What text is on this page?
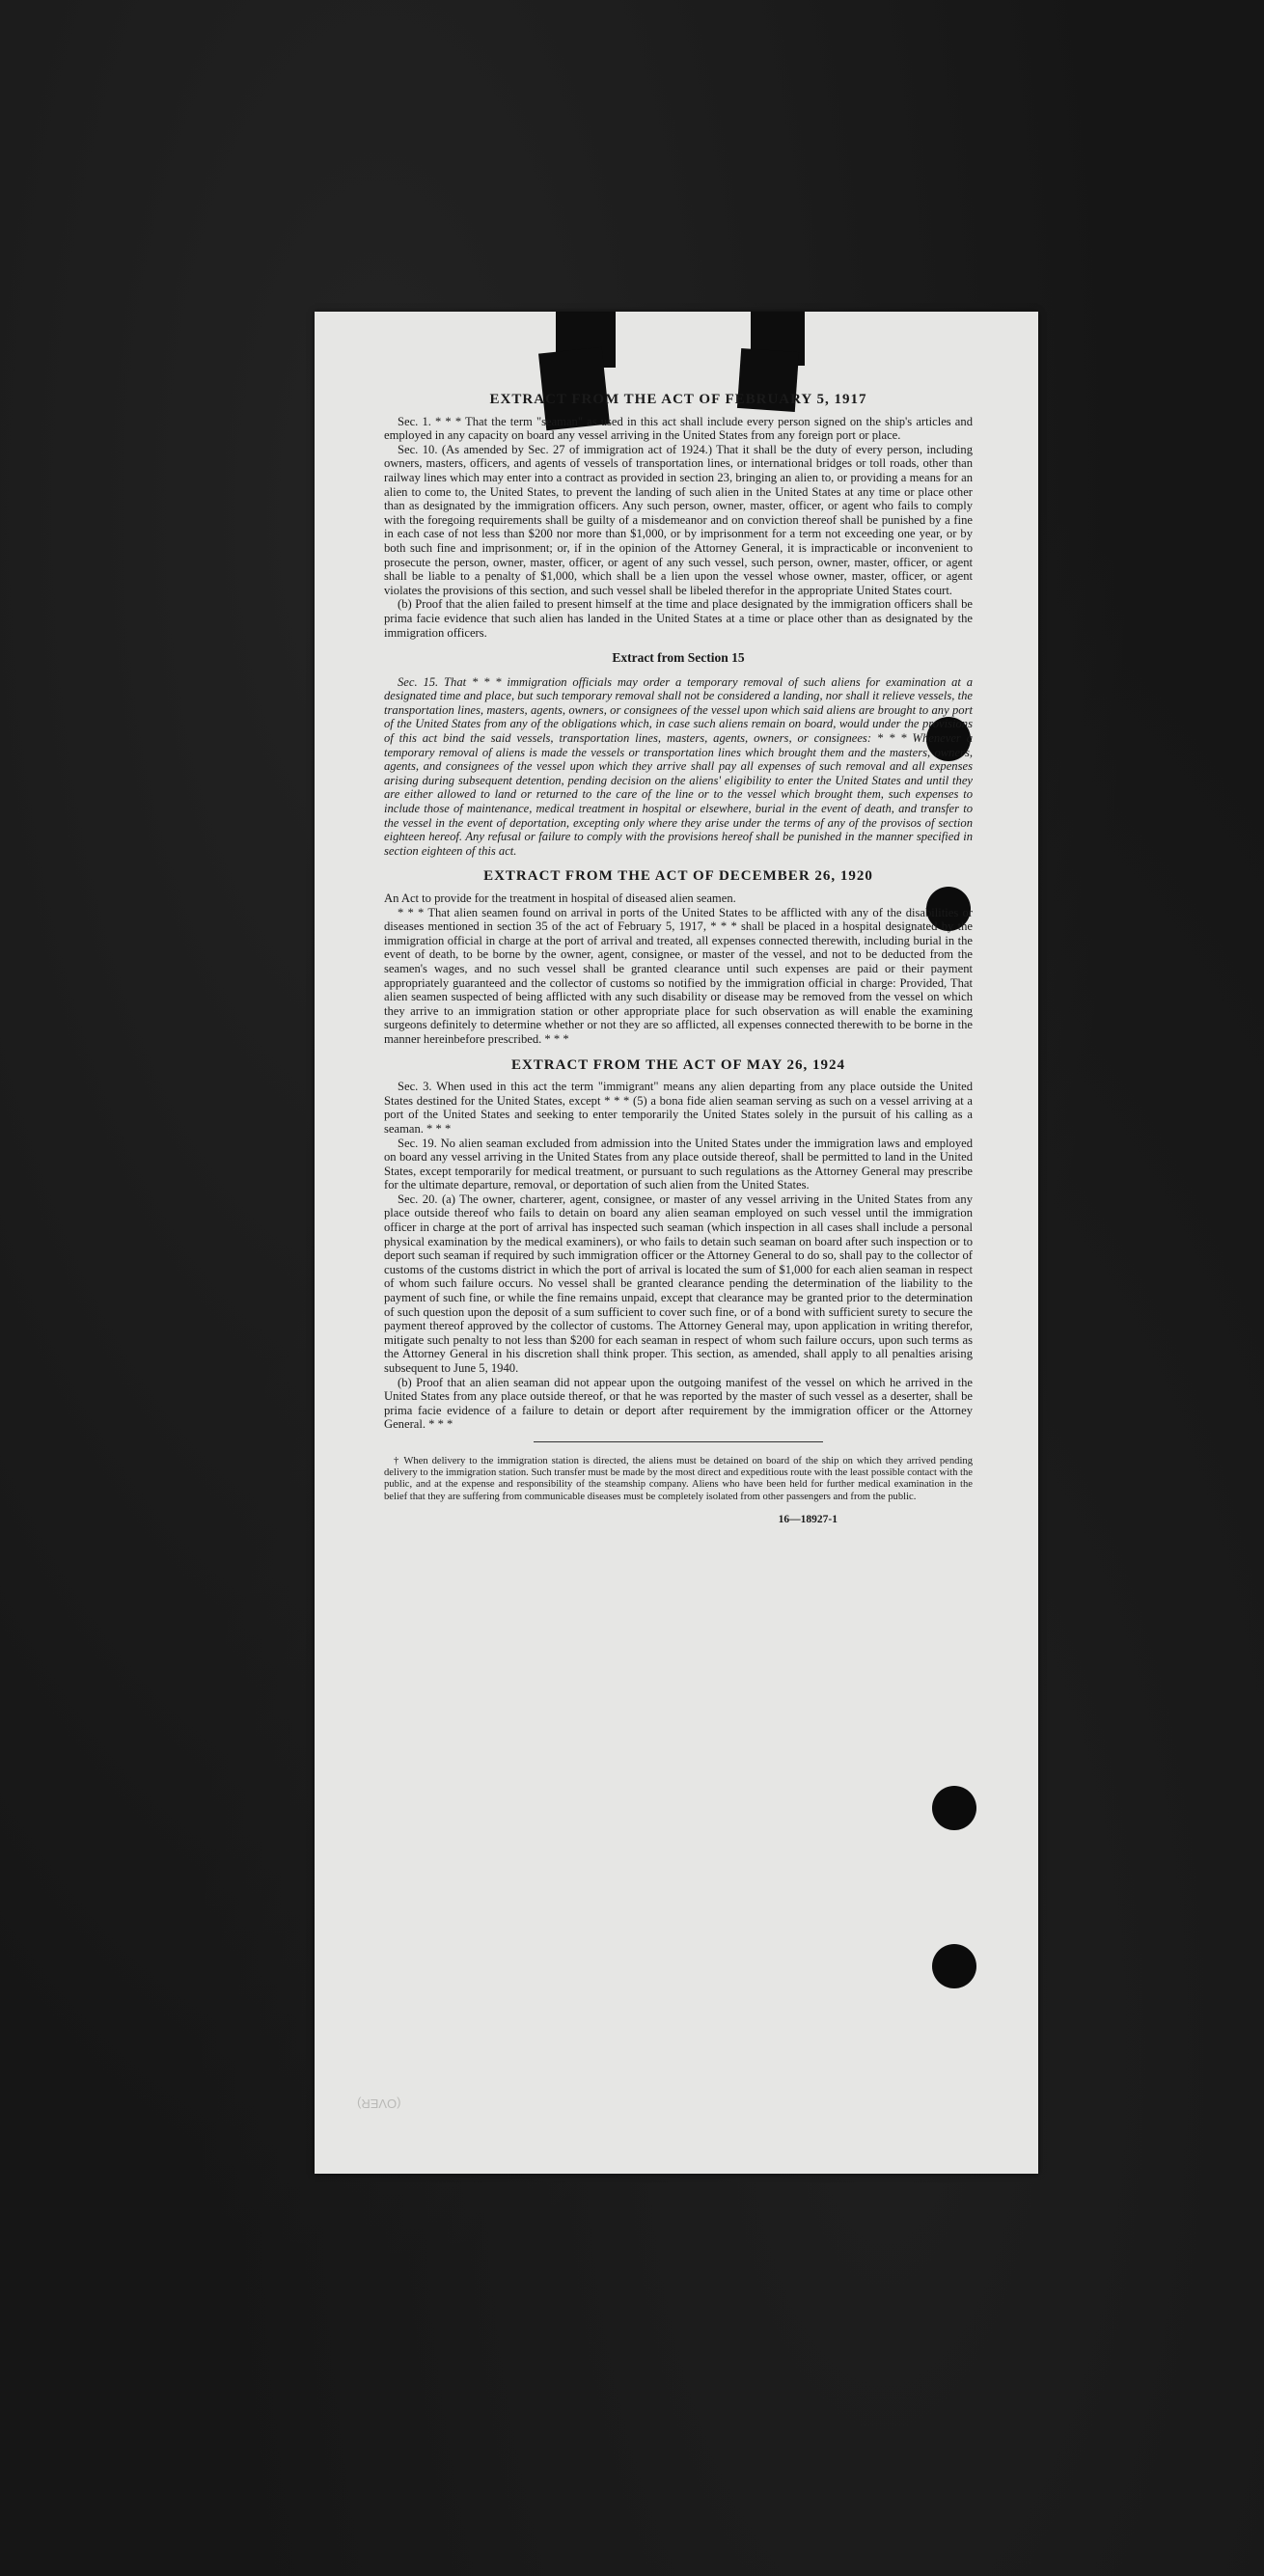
EXTRACT FROM THE ACT OF FEBRUARY 5, 1917

Sec. 1. * * * That the term "seaman" as used in this act shall include every person signed on the ship's articles and employed in any capacity on board any vessel arriving in the United States from any foreign port or place.

Sec. 10. (As amended by Sec. 27 of immigration act of 1924.) That it shall be the duty of every person, including owners, masters, officers, and agents of vessels of transportation lines, or international bridges or toll roads, other than railway lines which may enter into a contract as provided in section 23, bringing an alien to, or providing a means for an alien to come to, the United States, to prevent the landing of such alien in the United States at any time or place other than as designated by the immigration officers. Any such person, owner, master, officer, or agent who fails to comply with the foregoing requirements shall be guilty of a misdemeanor and on conviction thereof shall be punished by a fine in each case of not less than $200 nor more than $1,000, or by imprisonment for a term not exceeding one year, or by both such fine and imprisonment; or, if in the opinion of the Attorney General, it is impracticable or inconvenient to prosecute the person, owner, master, officer, or agent of any such vessel, such person, owner, master, officer, or agent shall be liable to a penalty of $1,000, which shall be a lien upon the vessel whose owner, master, officer, or agent violates the provisions of this section, and such vessel shall be libeled therefor in the appropriate United States court.

(b) Proof that the alien failed to present himself at the time and place designated by the immigration officers shall be prima facie evidence that such alien has landed in the United States at a time or place other than as designated by the immigration officers.

Extract from Section 15

Sec. 15. That * * * immigration officials may order a temporary removal of such aliens for examination at a designated time and place, but such temporary removal shall not be considered a landing, nor shall it relieve vessels, the transportation lines, masters, agents, owners, or consignees of the vessel upon which said aliens are brought to any port of the United States from any of the obligations which, in case such aliens remain on board, would under the provisions of this act bind the said vessels, transportation lines, masters, agents, owners, or consignees: * * * Whenever a temporary removal of aliens is made the vessels or transportation lines which brought them and the masters, owners, agents, and consignees of the vessel upon which they arrive shall pay all expenses of such removal and all expenses arising during subsequent detention, pending decision on the aliens' eligibility to enter the United States and until they are either allowed to land or returned to the care of the line or to the vessel which brought them, such expenses to include those of maintenance, medical treatment in hospital or elsewhere, burial in the event of death, and transfer to the vessel in the event of deportation, excepting only where they arise under the terms of any of the provisos of section eighteen hereof. Any refusal or failure to comply with the provisions hereof shall be punished in the manner specified in section eighteen of this act.

EXTRACT FROM THE ACT OF DECEMBER 26, 1920

An Act to provide for the treatment in hospital of diseased alien seamen.

* * * That alien seamen found on arrival in ports of the United States to be afflicted with any of the disabilities or diseases mentioned in section 35 of the act of February 5, 1917, * * * shall be placed in a hospital designated by the immigration official in charge at the port of arrival and treated, all expenses connected therewith, including burial in the event of death, to be borne by the owner, agent, consignee, or master of the vessel, and not to be deducted from the seamen's wages, and no such vessel shall be granted clearance until such expenses are paid or their payment appropriately guaranteed and the collector of customs so notified by the immigration official in charge: Provided, That alien seamen suspected of being afflicted with any such disability or disease may be removed from the vessel on which they arrive to an immigration station or other appropriate place for such observation as will enable the examining surgeons definitely to determine whether or not they are so afflicted, all expenses connected therewith to be borne in the manner hereinbefore prescribed. * * *

EXTRACT FROM THE ACT OF MAY 26, 1924

Sec. 3. When used in this act the term "immigrant" means any alien departing from any place outside the United States destined for the United States, except * * * (5) a bona fide alien seaman serving as such on a vessel arriving at a port of the United States and seeking to enter temporarily the United States solely in the pursuit of his calling as a seaman. * * *

Sec. 19. No alien seaman excluded from admission into the United States under the immigration laws and employed on board any vessel arriving in the United States from any place outside thereof, shall be permitted to land in the United States, except temporarily for medical treatment, or pursuant to such regulations as the Attorney General may prescribe for the ultimate departure, removal, or deportation of such alien from the United States.

Sec. 20. (a) The owner, charterer, agent, consignee, or master of any vessel arriving in the United States from any place outside thereof who fails to detain on board any alien seaman employed on such vessel until the immigration officer in charge at the port of arrival has inspected such seaman (which inspection in all cases shall include a personal physical examination by the medical examiners), or who fails to detain such seaman on board after such inspection or to deport such seaman if required by such immigration officer or the Attorney General to do so, shall pay to the collector of customs of the customs district in which the port of arrival is located the sum of $1,000 for each alien seaman in respect of whom such failure occurs. No vessel shall be granted clearance pending the determination of the liability to the payment of such fine, or while the fine remains unpaid, except that clearance may be granted prior to the determination of such question upon the deposit of a sum sufficient to cover such fine, or of a bond with sufficient surety to secure the payment thereof approved by the collector of customs. The Attorney General may, upon application in writing therefor, mitigate such penalty to not less than $200 for each seaman in respect of whom such failure occurs, upon such terms as the Attorney General in his discretion shall think proper. This section, as amended, shall apply to all penalties arising subsequent to June 5, 1940.

(b) Proof that an alien seaman did not appear upon the outgoing manifest of the vessel on which he arrived in the United States from any place outside thereof, or that he was reported by the master of such vessel as a deserter, shall be prima facie evidence of a failure to detain or deport after requirement by the immigration officer or the Attorney General. * * *

† When delivery to the immigration station is directed, the aliens must be detained on board of the ship on which they arrived pending delivery to the immigration station. Such transfer must be made by the most direct and expeditious route with the least possible contact with the public, and at the expense and responsibility of the steamship company. Aliens who have been held for further medical examination in the belief that they are suffering from communicable diseases must be completely isolated from other passengers and from the public.

16—18927-1
(OVER)
